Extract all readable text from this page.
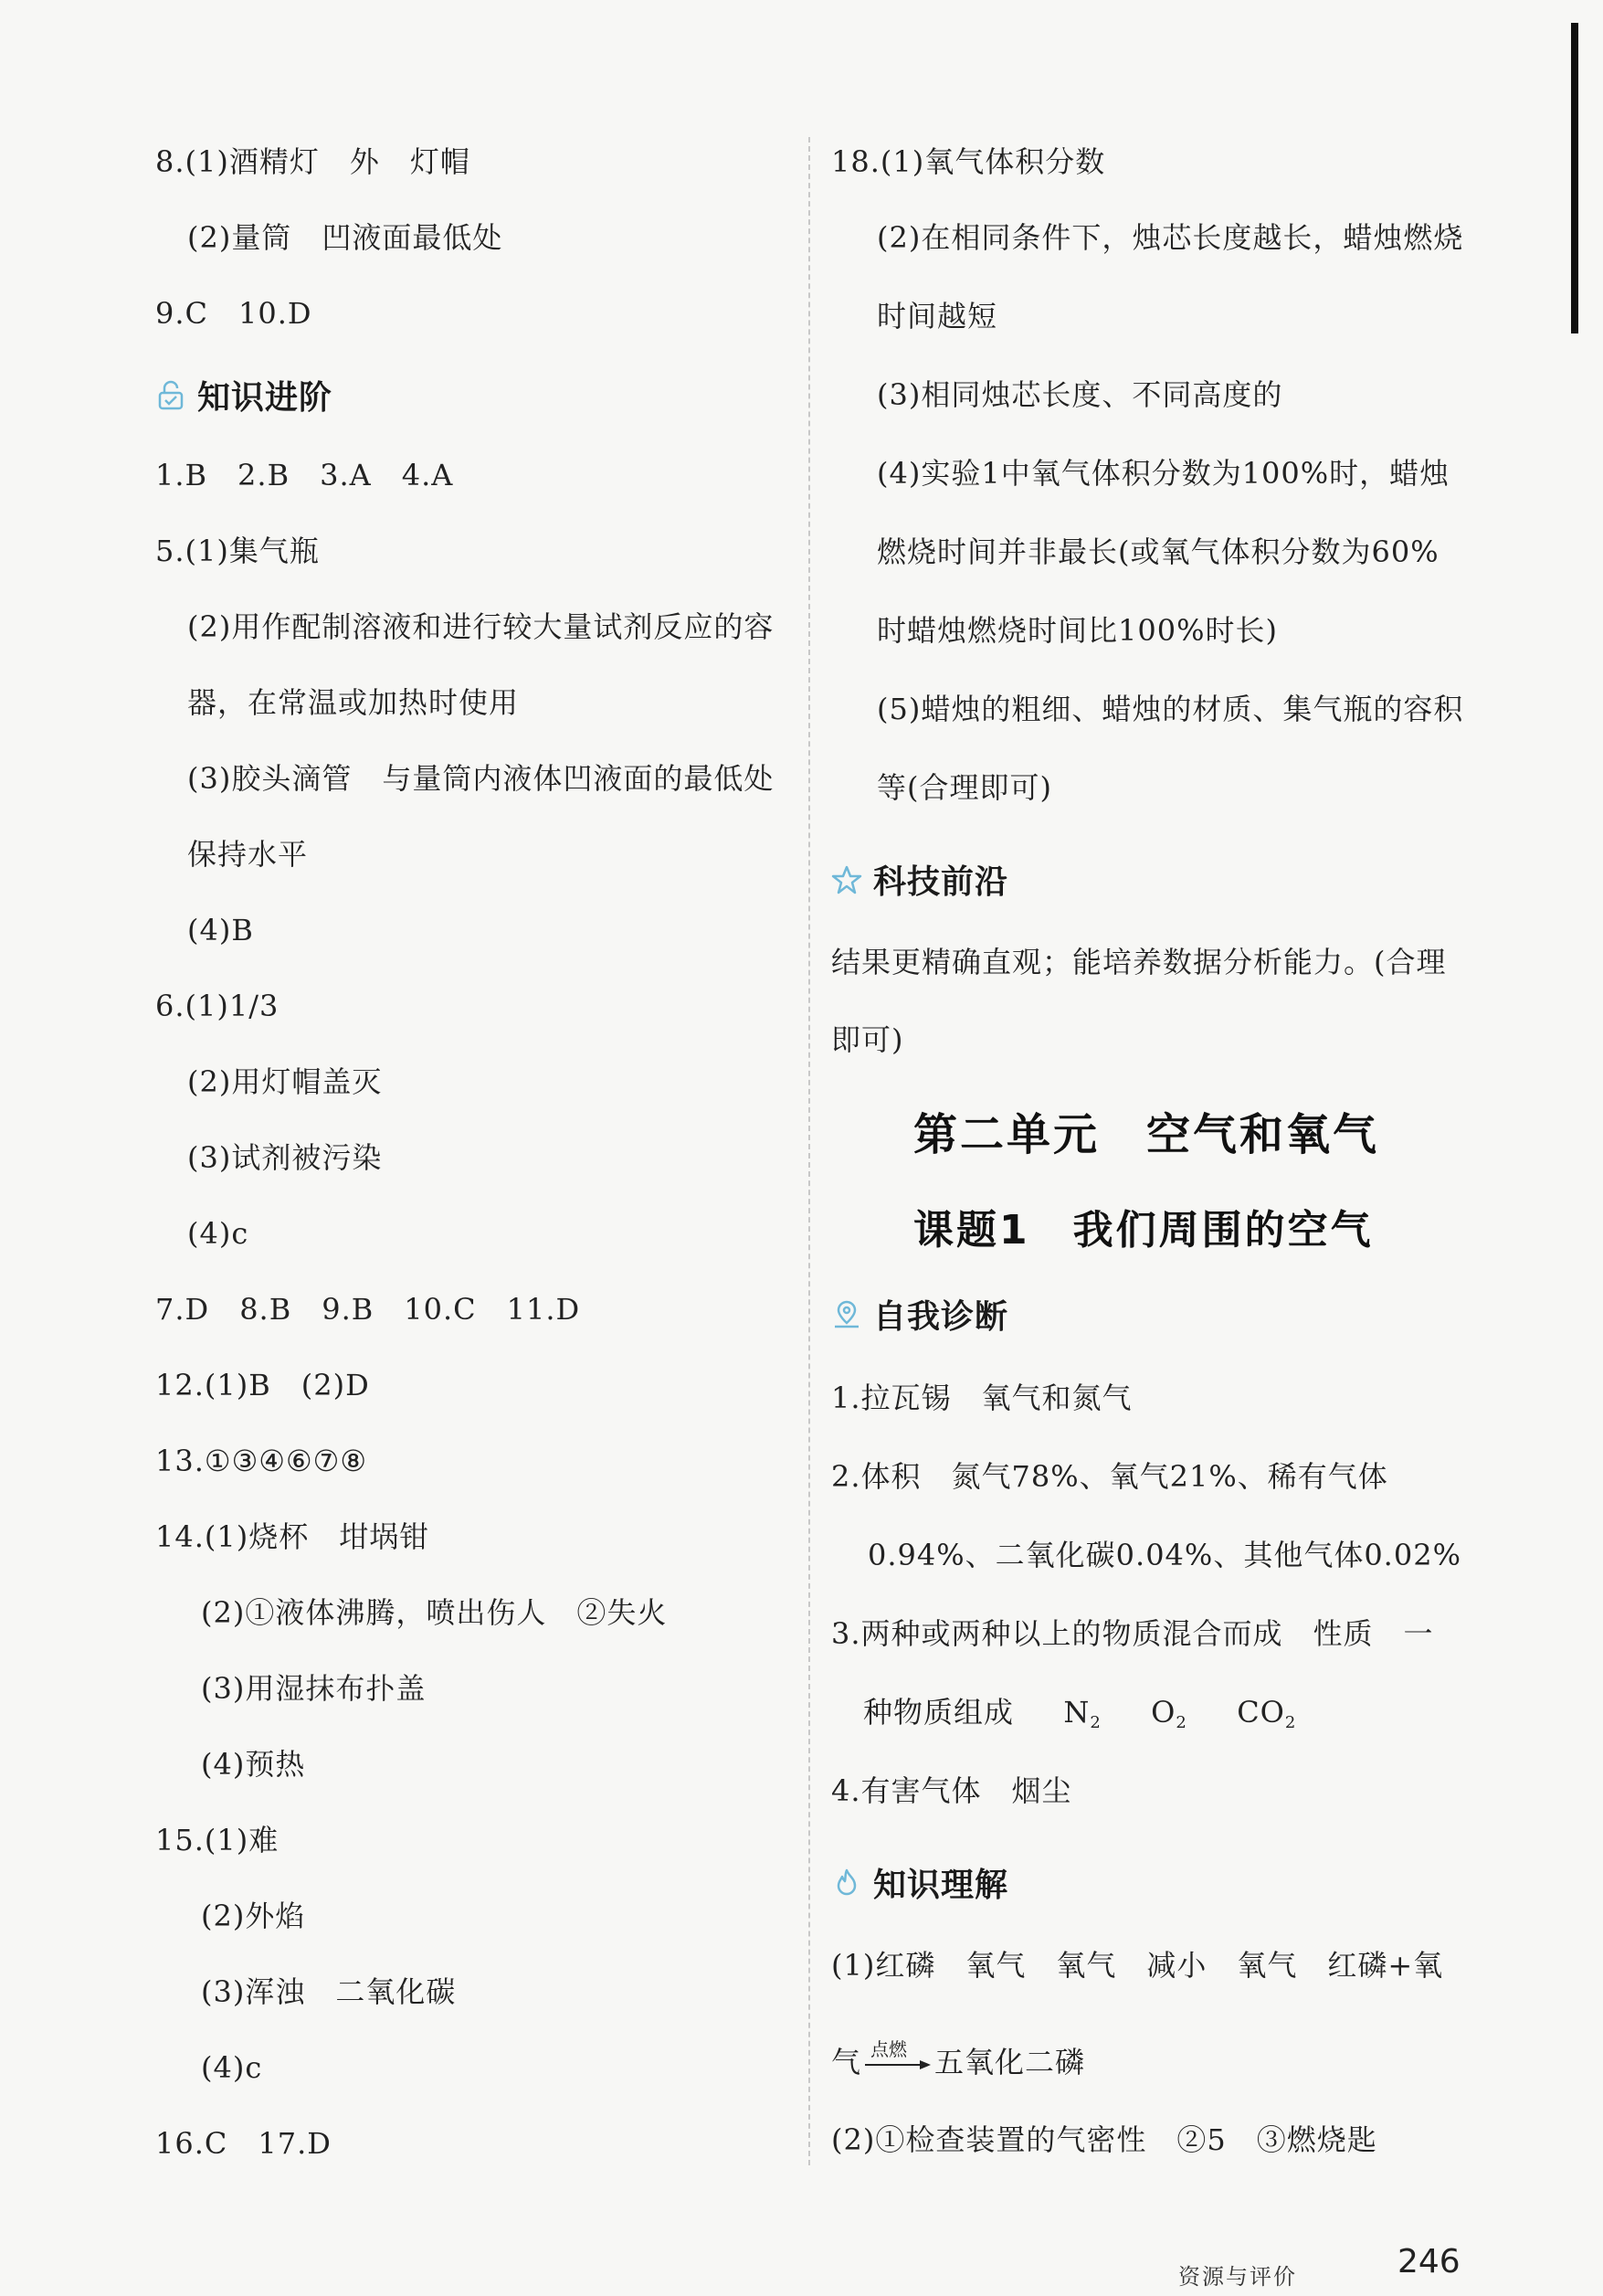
8.(1)酒精灯　外　灯帽
(2)量筒　凹液面最低处
9.C　10.D
知识进阶
1.B　2.B　3.A　4.A
5.(1)集气瓶
(2)用作配制溶液和进行较大量试剂反应的容
器，在常温或加热时使用
(3)胶头滴管　与量筒内液体凹液面的最低处
保持水平
(4)B
6.(1)1/3
(2)用灯帽盖灭
(3)试剂被污染
(4)c
7.D　8.B　9.B　10.C　11.D
12.(1)B　(2)D
13.①③④⑥⑦⑧
14.(1)烧杯　坩埚钳
(2)①液体沸腾，喷出伤人　②失火
(3)用湿抹布扑盖
(4)预热
15.(1)难
(2)外焰
(3)浑浊　二氧化碳
(4)c
16.C　17.D
18.(1)氧气体积分数
(2)在相同条件下，烛芯长度越长，蜡烛燃烧
时间越短
(3)相同烛芯长度、不同高度的
(4)实验1中氧气体积分数为100%时，蜡烛
燃烧时间并非最长(或氧气体积分数为60%
时蜡烛燃烧时间比100%时长)
(5)蜡烛的粗细、蜡烛的材质、集气瓶的容积
等(合理即可)
科技前沿
结果更精确直观；能培养数据分析能力。(合理
即可)
第二单元　空气和氧气
课题1　我们周围的空气
自我诊断
1.拉瓦锡　氧气和氮气
2.体积　氮气78%、氧气21%、稀有气体
0.94%、二氧化碳0.04%、其他气体0.02%
3.两种或两种以上的物质混合而成　性质　一
种物质组成 $N_2$ $O_2$ $CO_2$
4.有害气体　烟尘
知识理解
(1)红磷　氧气　氧气　减小　氧气　红磷+氧
气 点燃 五氧化二磷
(2)①检查装置的气密性　②5　③燃烧匙
资源与评价	246
